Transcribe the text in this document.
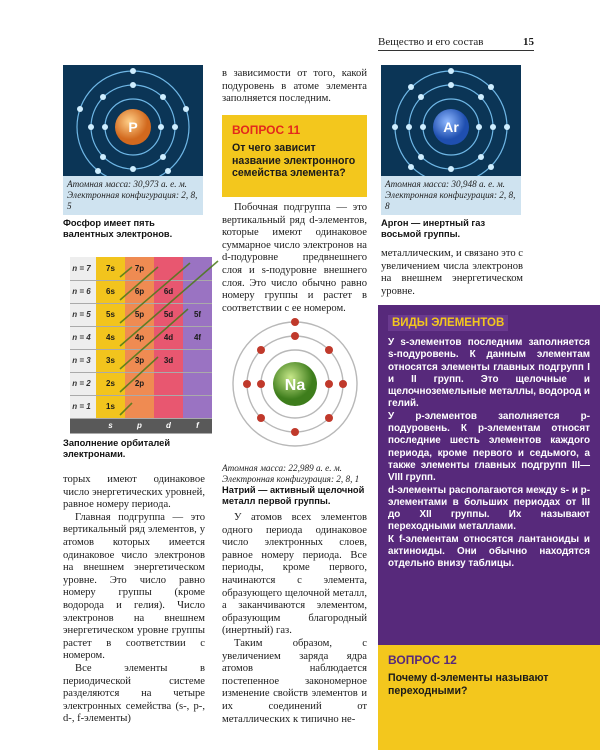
Вещество и его состав	15
P
Атомная масса: 30,973 а. е. м.
Электронная конфигурация: 2, 8, 5
Фосфор имеет пять валентных электронов.
n = 7	7s	7p		
n = 6	6s	6p	6d	
n = 5	5s	5p	5d	5f
n = 4	4s	4p	4d	4f
n = 3	3s	3p	3d	
n = 2	2s	2p		
n = 1	1s			
	s	p	d	f
Заполнение орбиталей электронами.

торых имеют одинаковое число энергетических уровней, равное номеру периода.

Главная подгруппа — это вертикальный ряд элементов, у атомов которых имеется одинаковое число электронов на внешнем энергетическом уровне. Это число равно номеру группы (кроме водорода и гелия). Число электронов на внешнем энергетическом уровне группы растет в соответствии с номером.

Все элементы в периодической системе разделяются на четыре электронных семейства (s-, p-, d-, f-элементы)

в зависимости от того, какой подуровень в атоме элемента заполняется последним.
ВОПРОС 11
От чего зависит название электронного семейства элемента?
Побочная подгруппа — это вертикальный ряд d-элементов, которые имеют одинаковое суммарное число электронов на d-подуровне предвнешнего слоя и s-подуровне внешнего слоя. Это число обычно равно номеру группы и растет в соответствии с ее номером.
Na
Атомная масса: 22,989 а. е. м.
Электронная конфигурация: 2, 8, 1
Натрий — активный щелочной металл первой группы.

У атомов всех элементов одного периода одинаковое число электронных слоев, равное номеру периода. Все периоды, кроме первого, начинаются с элемента, образующего щелочной металл, а заканчиваются элементом, образующим благородный (инертный) газ.

Таким образом, с увеличением заряда ядра атомов наблюдается постепенное закономерное изменение свойств элементов и их соединений от металлических к типично не-

Ar
Атомная масса: 30,948 а. е. м.
Электронная конфигурация: 2, 8, 8
Аргон — инертный газ восьмой группы.
металлическим, и связано это с увеличением числа электронов на внешнем энергетическом уровне.
ВИДЫ ЭЛЕМЕНТОВ

У s-элементов последним заполняется s-подуровень. К данным элементам относятся элементы главных подгрупп I и II групп. Это щелочные и щелочноземельные металлы, водород и гелий.

У p-элементов заполняется p-подуровень. К p-элементам относят последние шесть элементов каждого периода, кроме первого и седьмого, а также элементы главных подгрупп III—VIII групп.

d-элементы располагаются между s- и p-элементами в больших периодах от III до XII группы. Их называют переходными металлами.

К f-элементам относятся лантаноиды и актиноиды. Они обычно находятся отдельно внизу таблицы.

ВОПРОС 12
Почему d-элементы называют переходными?
